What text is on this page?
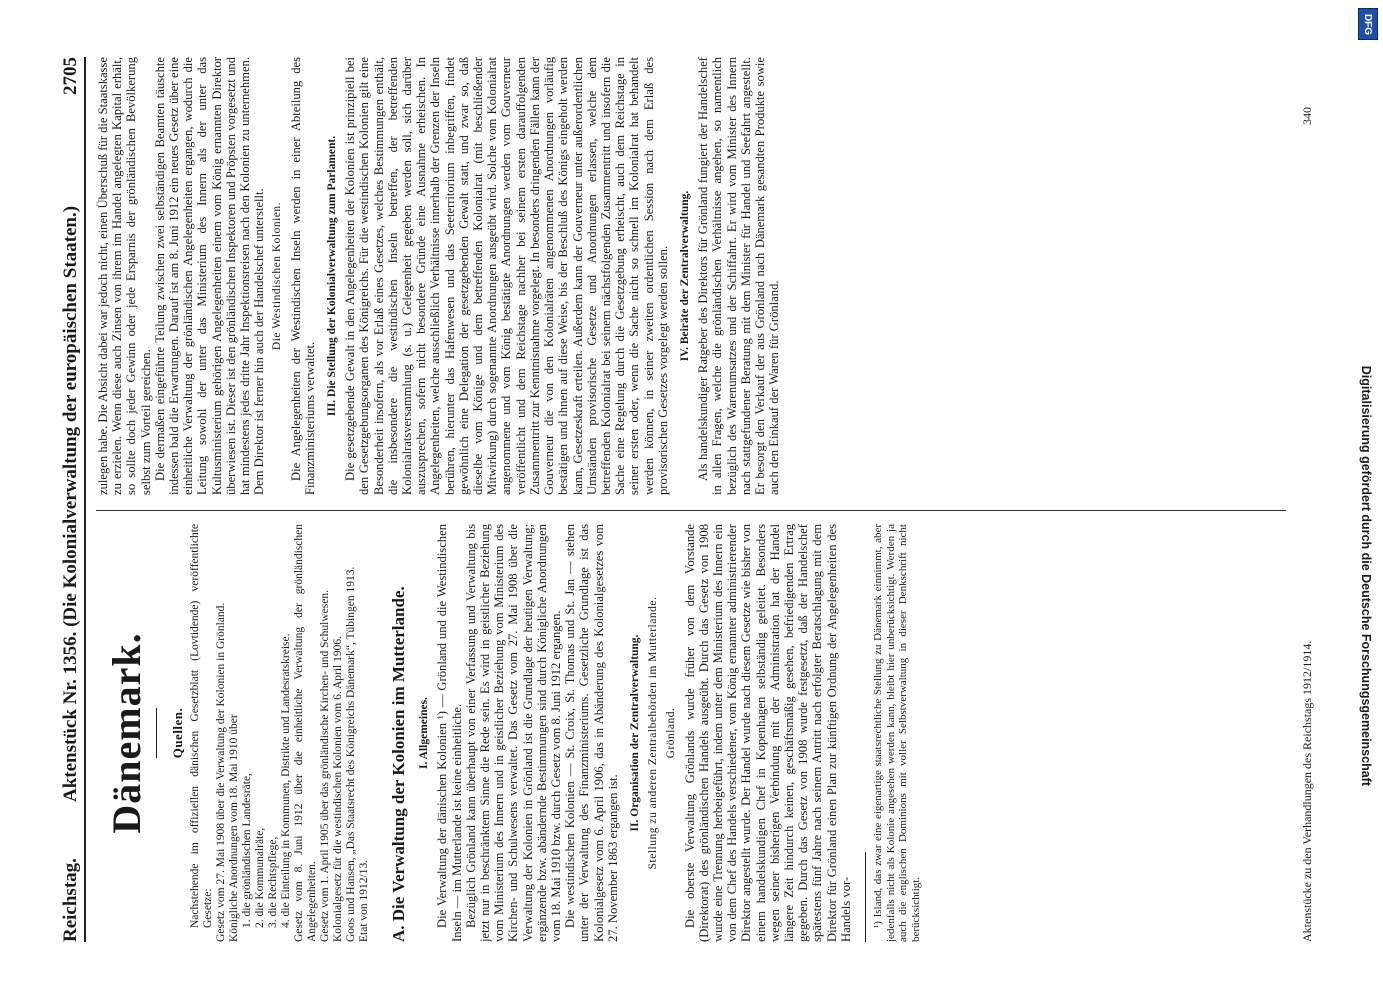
Reichstag.
Aktenstück Nr. 1356. (Die Kolonialverwaltung der europäischen Staaten.)
2705
Dänemark. Quellen. Nachstehende im offiziellen dänischen Gesetzblatt (Lovtidende) veröffentlichte Gesetze: Gesetz vom 27. Mai 1908 über die Verwaltung der Kolonien in Grönland. Königliche Anordnungen vom 18. Mai 1910 über 1. die grönländischen Landesräte, 2. die Kommunalräte, 3. die Rechtspflege, 4. die Einteilung in Kommunen, Distrikte und Landesratskreise. Gesetz vom 8. Juni 1912 über die einheitliche Verwaltung der grönländischen Angelegenheiten. Gesetz vom 1. April 1905 über das grönländische Kirchen- und Schulwesen. Kolonialgesetz für die westindischen Kolonien vom 6. April 1906. Goos und Hansen, „Das Staatsrecht des Königreichs Dänemark“, Tübingen 1913. Etat von 1912/13. A. Die Verwaltung der Kolonien im Mutterlande. I. Allgemeines. Die Verwaltung der dänischen Kolonien ¹) — Grönland und die Westindischen Inseln — im Mutterlande ist keine einheitliche. Bezüglich Grönland kann überhaupt von einer Verfassung und Verwaltung bis jetzt nur in beschränktem Sinne die Rede sein. Es wird in geistlicher Beziehung vom Ministerium des Innern und in geistlicher Beziehung vom Ministerium des Kirchen- und Schulwesens verwaltet. Das Gesetz vom 27. Mai 1908 über die Verwaltung der Kolonien in Grönland ist die Grundlage der heutigen Verwaltung; ergänzende bzw. abändernde Bestimmungen sind durch Königliche Anordnungen vom 18. Mai 1910 bzw. durch Gesetz vom 8. Juni 1912 ergangen. Die westindischen Kolonien — St. Croix, St. Thomas und St. Jan — stehen unter der Verwaltung des Finanzministeriums. Gesetzliche Grundlage ist das Kolonialgesetz vom 6. April 1906, das in Abänderung des Kolonialgesetzes vom 27. November 1863 ergangen ist.

II. Organisation der Zentralverwaltung. Stellung zu anderen Zentralbehörden im Mutterlande. Grönland. Die oberste Verwaltung Grönlands wurde früher von dem Vorstande (Direktorat) des grönländischen Handels ausgeübt. Durch das Gesetz von 1908 wurde eine Trennung herbeigeführt, indem unter dem Ministerium des Innern ein von dem Chef des Handels verschiedener, vom König ernannter administrierender Direktor angestellt wurde. Der Handel wurde nach diesem Gesetze wie bisher von einem handelskundigen Chef in Kopenhagen selbständig geleitet. Besonders wegen seiner bisherigen Verbindung mit der Administration hat der Handel längere Zeit hindurch keinen, geschäftsmäßig gesehen, befriedigenden Ertrag gegeben. Durch das Gesetz von 1908 wurde festgesetzt, daß der Handelschef spätestens fünf Jahre nach seinem Antritt nach erfolgter Beratschlagung mit dem Direktor für Grönland einen Plan zur künftigen Ordnung der Angelegenheiten des Handels vor- ¹) Island, das zwar eine eigenartige staatsrechtliche Stellung zu Dänemark einnimmt, aber jedenfalls nicht als Kolonie angesehen werden kann, bleibt hier unberücksichtigt. Werden ja auch die englischen Dominions mit voller Selbstverwaltung in dieser Denkschrift nicht berücksichtigt.

zulegen habe. Die Absicht dabei war jedoch nicht, einen Überschuß für die Staatskasse zu erzielen. Wenn diese auch Zinsen von ihrem im Handel angelegten Kapital erhält, so sollte doch jeder Gewinn oder jede Ersparnis der grönländischen Bevölkerung selbst zum Vorteil gereichen. Die dermaßen eingeführte Teilung zwischen zwei selbständigen Beamten täuschte indessen bald die Erwartungen. Darauf ist am 8. Juni 1912 ein neues Gesetz über eine einheitliche Verwaltung der grönländischen Angelegenheiten ergangen, wodurch die Leitung sowohl der unter das Ministerium des Innern als der unter das Kultusministerium gehörigen Angelegenheiten einem vom König ernannten Direktor überwiesen ist. Dieser ist den grönländischen Inspektoren und Pröpsten vorgesetzt und hat mindestens jedes dritte Jahr Inspektionsreisen nach den Kolonien zu unternehmen. Dem Direktor ist ferner hin auch der Handelschef unterstellt. Die Westindischen Kolonien. Die Angelegenheiten der Westindischen Inseln werden in einer Abteilung des Finanzministeriums verwaltet.

III. Die Stellung der Kolonialverwaltung zum Parlament. Die gesetzgebende Gewalt in den Angelegenheiten der Kolonien ist prinzipiell bei den Gesetzgebungsorganen des Königreichs. Für die westindischen Kolonien gilt eine Besonderheit insofern, als vor Erlaß eines Gesetzes, welches Bestimmungen enthält, die insbesondere die westindischen Inseln betreffen, der betreffenden Kolonialratsversammlung (s. u.) Gelegenheit gegeben werden soll, sich darüber auszusprechen, sofern nicht besondere Gründe eine Ausnahme erheischen. In Angelegenheiten, welche ausschließlich Verhältnisse innerhalb der Grenzen der Inseln berühren, hierunter das Hafenwesen und das Seeterritorium inbegriffen, findet gewöhnlich eine Delegation der gesetzgebenden Gewalt statt, und zwar so, daß dieselbe vom Könige und dem betreffenden Kolonialrat (mit beschließender Mitwirkung) durch sogenannte Anordnungen ausgeübt wird. Solche vom Kolonialrat angenommene und vom König bestätigte Anordnungen werden vom Gouverneur veröffentlicht und dem Reichstage nachher bei seinem ersten darauffolgenden Zusammentritt zur Kenntnisnahme vorgelegt. In besonders dringenden Fällen kann der Gouverneur die von den Kolonialräten angenommenen Anordnungen vorläufig bestätigen und ihnen auf diese Weise, bis der Beschluß des Königs eingeholt werden kann, Gesetzeskraft erteilen. Außerdem kann der Gouverneur unter außerordentlichen Umständen provisorische Gesetze und Anordnungen erlassen, welche dem betreffenden Kolonialrat bei seinem nächstfolgenden Zusammentritt und insofern die Sache eine Regelung durch die Gesetzgebung erheischt, auch dem Reichstage in seiner ersten oder, wenn die Sache nicht so schnell im Kolonialrat hat behandelt werden können, in seiner zweiten ordentlichen Session nach dem Erlaß des provisorischen Gesetzes vorgelegt werden sollen. IV. Beiräte der Zentralverwaltung. Als handelskundiger Ratgeber des Direktors für Grönland fungiert der Handelschef in allen Fragen, welche die grönländischen Verhältnisse angehen, so namentlich bezüglich des Warenumsatzes und der Schiffahrt. Er wird vom Minister des Innern nach stattgefundener Beratung mit dem Minister für Handel und Seefahrt angestellt. Er besorgt den Verkauf der aus Grönland nach Dänemark gesandten Produkte sowie auch den Einkauf der Waren für Grönland.

Aktenstücke zu den Verhandlungen des Reichstags 1912/1914.
340
Digitalisierung gefördert durch die Deutsche Forschungsgemeinschaft
DFG
